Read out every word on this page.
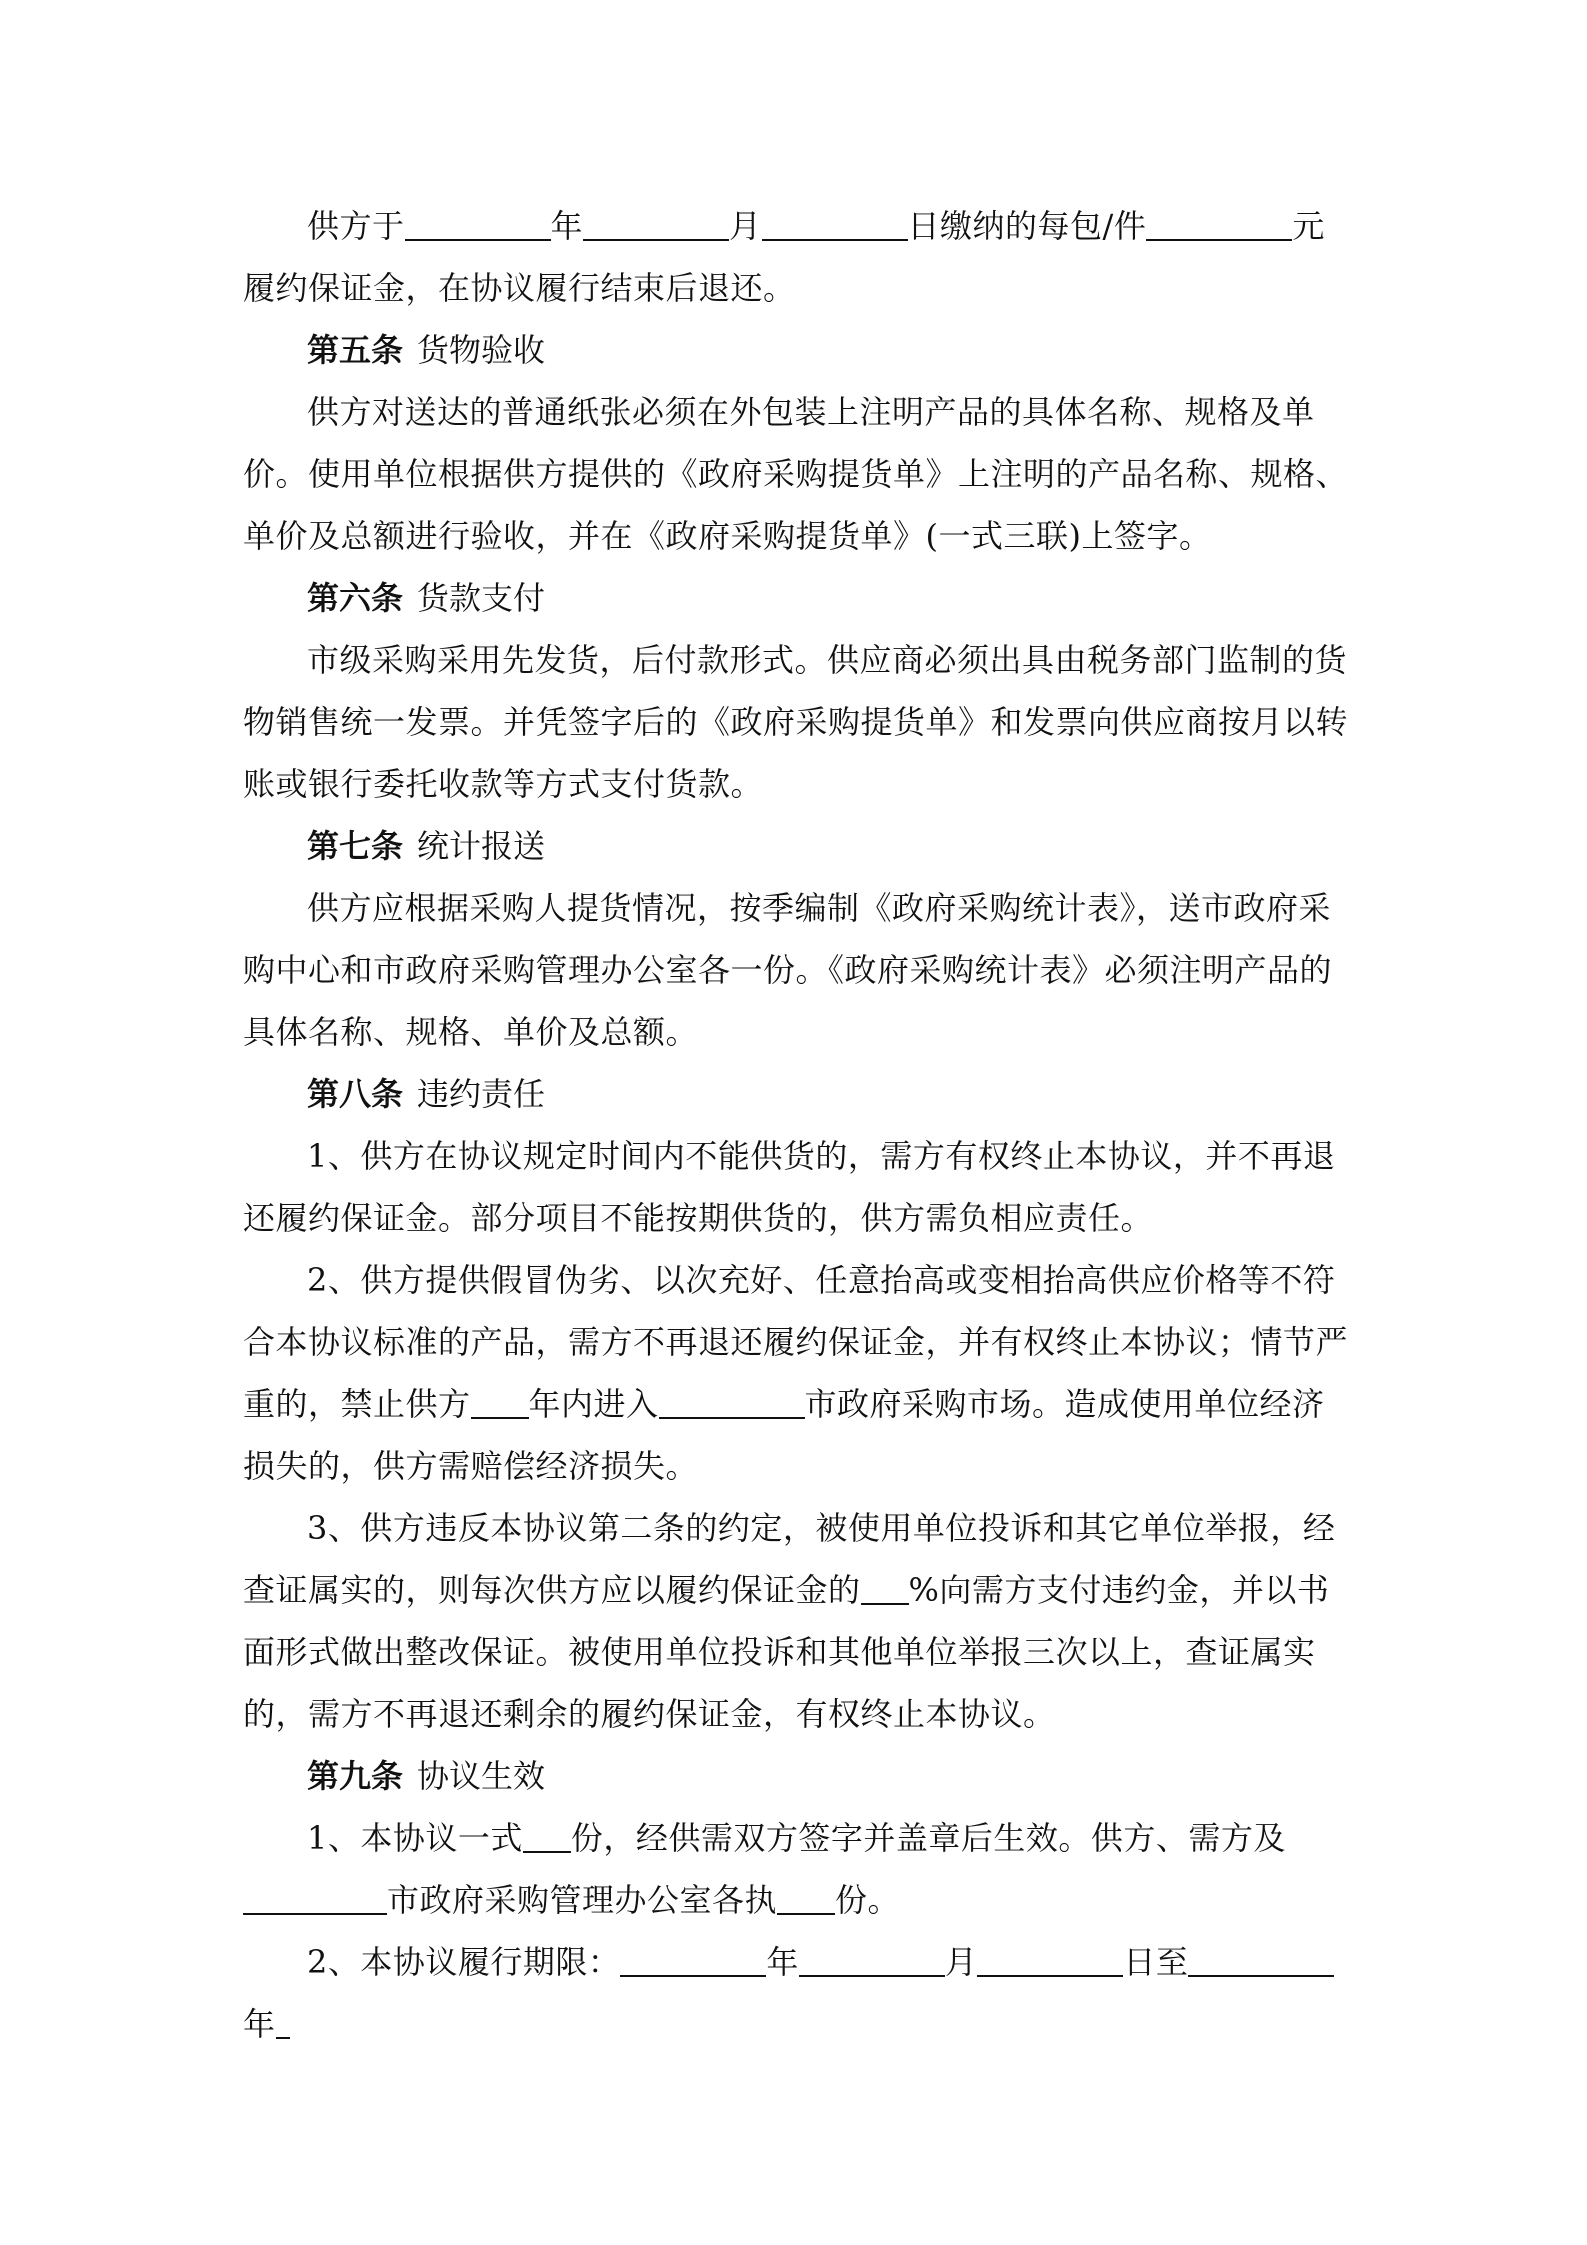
供方于	年	月	日缴纳的每包/件	元履约保证金，在协议履行结束后退还。

第五条 货物验收

供方对送达的普通纸张必须在外包装上注明产品的具体名称、规格及单价。使用单位根据供方提供的《政府采购提货单》上注明的产品名称、规格、单价及总额进行验收，并在《政府采购提货单》(一式三联)上签字。

第六条 货款支付

市级采购采用先发货，后付款形式。供应商必须出具由税务部门监制的货物销售统一发票。并凭签字后的《政府采购提货单》和发票向供应商按月以转账或银行委托收款等方式支付货款。

第七条 统计报送

供方应根据采购人提货情况，按季编制《政府采购统计表》，送市政府采购中心和市政府采购管理办公室各一份。《政府采购统计表》必须注明产品的具体名称、规格、单价及总额。

第八条 违约责任

1、供方在协议规定时间内不能供货的，需方有权终止本协议，并不再退还履约保证金。部分项目不能按期供货的，供方需负相应责任。

2、供方提供假冒伪劣、以次充好、任意抬高或变相抬高供应价格等不符合本协议标准的产品，需方不再退还履约保证金，并有权终止本协议；情节严重的，禁止供方 年内进入	市政府采购市场。造成使用单位经济损失的，供方需赔偿经济损失。

3、供方违反本协议第二条的约定，被使用单位投诉和其它单位举报，经查证属实的，则每次供方应以履约保证金的 %向需方支付违约金，并以书面形式做出整改保证。被使用单位投诉和其他单位举报三次以上，查证属实的，需方不再退还剩余的履约保证金，有权终止本协议。

第九条 协议生效

1、本协议一式 份，经供需双方签字并盖章后生效。供方、需方及市政府采购管理办公室各执 份。

2、本协议履行期限：	年	月	日至年
